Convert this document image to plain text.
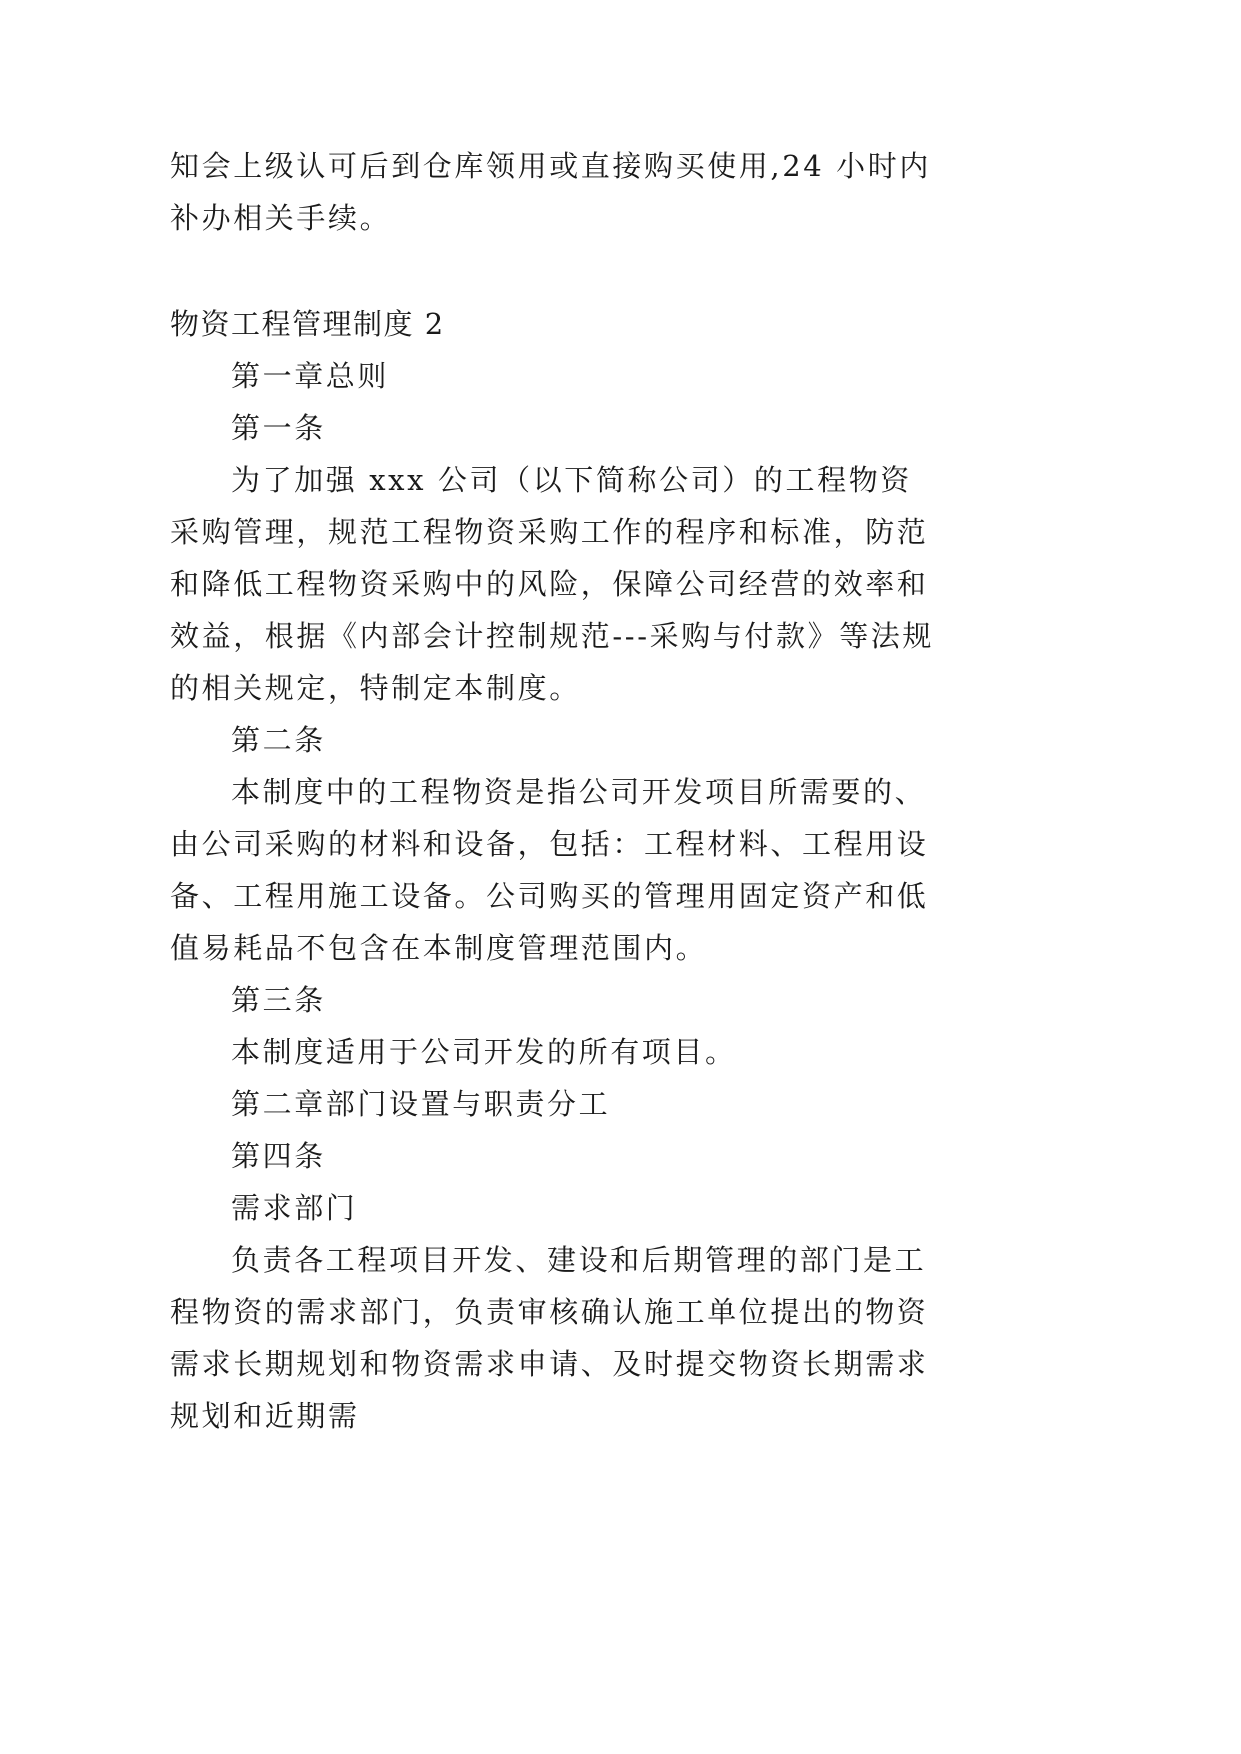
知会上级认可后到仓库领用或直接购买使用,24 小时内补办相关手续。

物资工程管理制度 2

第一章总则

第一条

为了加强 xxx 公司（以下简称公司）的工程物资采购管理，规范工程物资采购工作的程序和标准，防范和降低工程物资采购中的风险，保障公司经营的效率和效益，根据《内部会计控制规范---采购与付款》等法规的相关规定，特制定本制度。

第二条

本制度中的工程物资是指公司开发项目所需要的、由公司采购的材料和设备，包括：工程材料、工程用设备、工程用施工设备。公司购买的管理用固定资产和低值易耗品不包含在本制度管理范围内。

第三条

本制度适用于公司开发的所有项目。

第二章部门设置与职责分工

第四条

需求部门

负责各工程项目开发、建设和后期管理的部门是工程物资的需求部门，负责审核确认施工单位提出的物资需求长期规划和物资需求申请、及时提交物资长期需求规划和近期需
